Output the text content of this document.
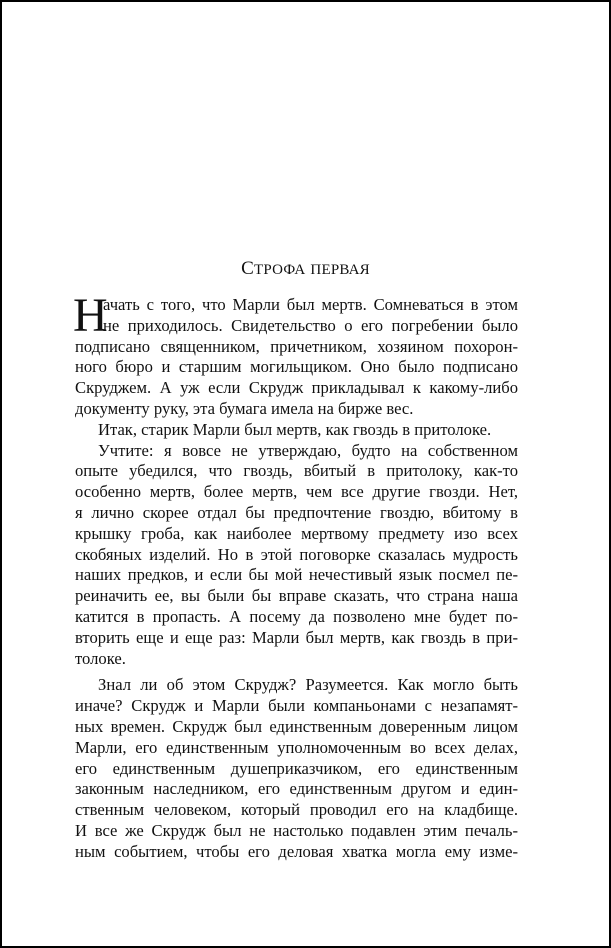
СТРОФА ПЕРВАЯ
Н
ачать с того, что Марли был мертв. Сомневаться в этом
не приходилось. Свидетельство о его погребении было
подписано священником, причетником, хозяином похорон-
ного бюро и старшим могильщиком. Оно было подписано
Скруджем. А уж если Скрудж прикладывал к какому-либо
документу руку, эта бумага имела на бирже вес.
Итак, старик Марли был мертв, как гвоздь в притолоке.
Учтите: я вовсе не утверждаю, будто на собственном
опыте убедился, что гвоздь, вбитый в притолоку, как-то
особенно мертв, более мертв, чем все другие гвозди. Нет,
я лично скорее отдал бы предпочтение гвоздю, вбитому в
крышку гроба, как наиболее мертвому предмету изо всех
скобяных изделий. Но в этой поговорке сказалась мудрость
наших предков, и если бы мой нечестивый язык посмел пе-
реиначить ее, вы были бы вправе сказать, что страна наша
катится в пропасть. А посему да позволено мне будет по-
вторить еще и еще раз: Марли был мертв, как гвоздь в при-
толоке.
Знал ли об этом Скрудж? Разумеется. Как могло быть
иначе? Скрудж и Марли были компаньонами с незапамят-
ных времен. Скрудж был единственным доверенным лицом
Марли, его единственным уполномоченным во всех делах,
его единственным душеприказчиком, его единственным
законным наследником, его единственным другом и един-
ственным человеком, который проводил его на кладбище.
И все же Скрудж был не настолько подавлен этим печаль-
ным событием, чтобы его деловая хватка могла ему изме-
